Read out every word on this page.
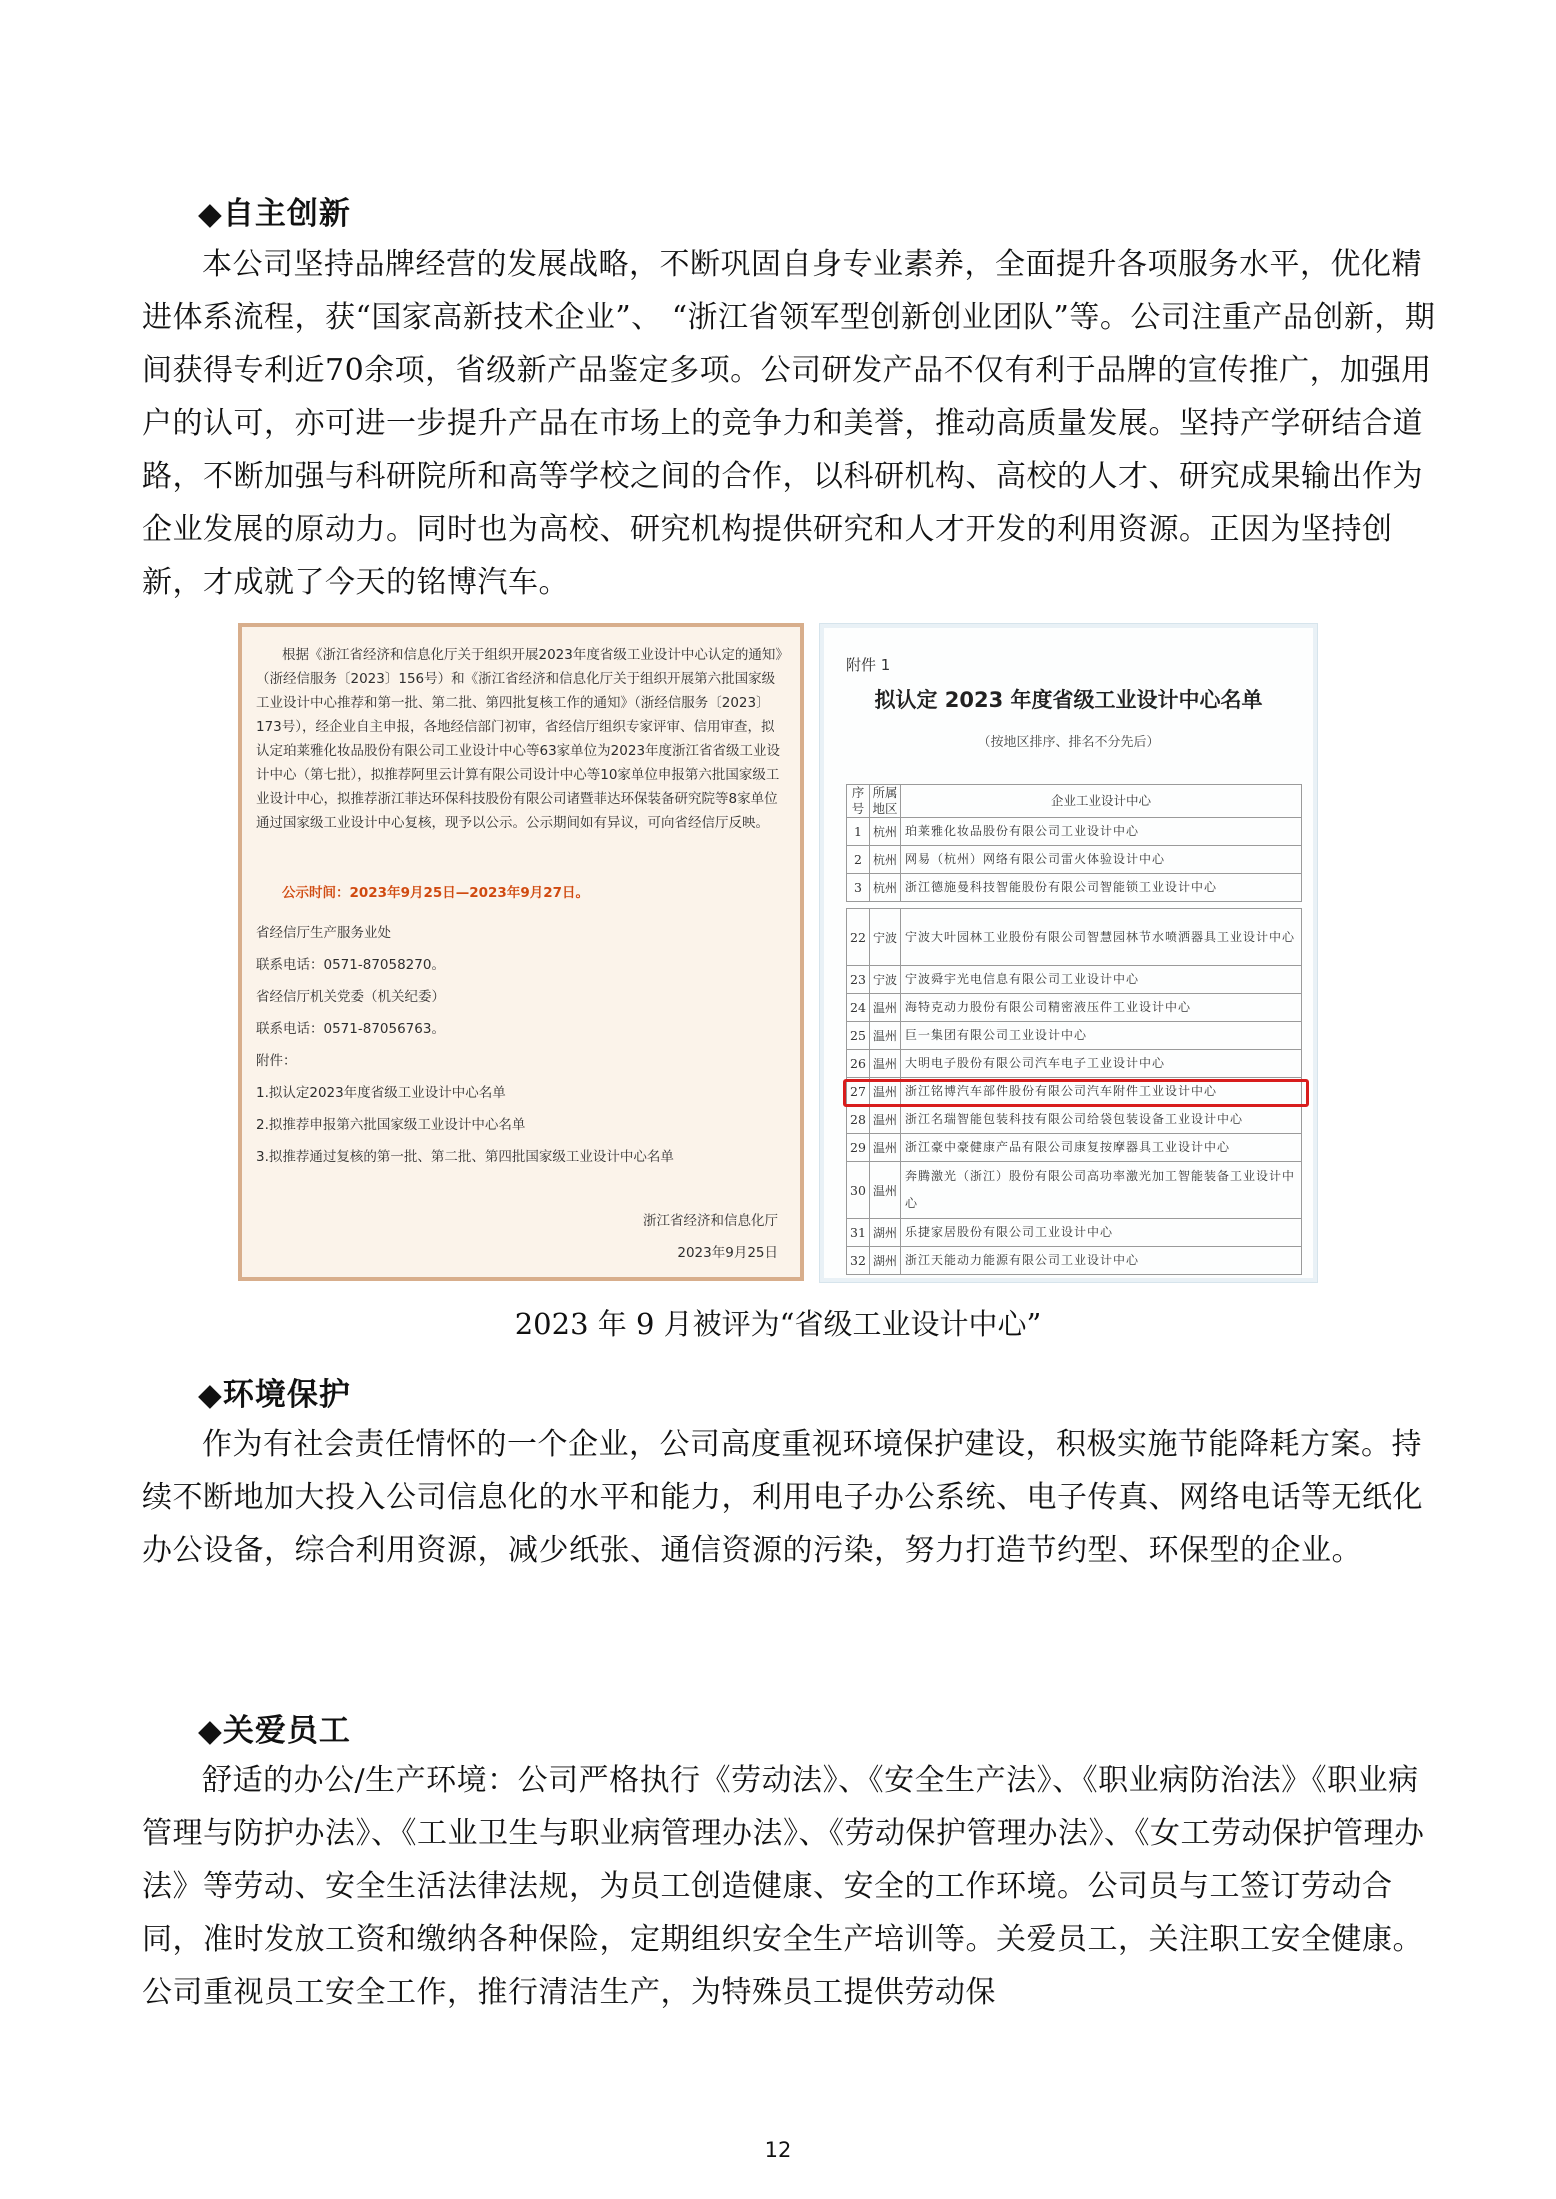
◆自主创新

本公司坚持品牌经营的发展战略，不断巩固自身专业素养，全面提升各项服务水平，优化精进体系流程，获“国家高新技术企业”、 “浙江省领军型创新创业团队”等。公司注重产品创新，期间获得专利近70余项，省级新产品鉴定多项。公司研发产品不仅有利于品牌的宣传推广，加强用户的认可，亦可进一步提升产品在市场上的竞争力和美誉，推动高质量发展。坚持产学研结合道路，不断加强与科研院所和高等学校之间的合作，以科研机构、高校的人才、研究成果输出作为企业发展的原动力。同时也为高校、研究机构提供研究和人才开发的利用资源。正因为坚持创新，才成就了今天的铭博汽车。

根据《浙江省经济和信息化厅关于组织开展2023年度省级工业设计中心认定的通知》（浙经信服务〔2023〕156号）和《浙江省经济和信息化厅关于组织开展第六批国家级工业设计中心推荐和第一批、第二批、第四批复核工作的通知》（浙经信服务〔2023〕173号），经企业自主申报，各地经信部门初审，省经信厅组织专家评审、信用审查，拟认定珀莱雅化妆品股份有限公司工业设计中心等63家单位为2023年度浙江省省级工业设计中心（第七批），拟推荐阿里云计算有限公司设计中心等10家单位申报第六批国家级工业设计中心，拟推荐浙江菲达环保科技股份有限公司诸暨菲达环保装备研究院等8家单位通过国家级工业设计中心复核，现予以公示。公示期间如有异议，可向省经信厅反映。

公示时间：2023年9月25日—2023年9月27日。

省经信厅生产服务业处

联系电话：0571-87058270。

省经信厅机关党委（机关纪委）

联系电话：0571-87056763。

附件：

1.拟认定2023年度省级工业设计中心名单

2.拟推荐申报第六批国家级工业设计中心名单

3.拟推荐通过复核的第一批、第二批、第四批国家级工业设计中心名单

浙江省经济和信息化厅

2023年9月25日

附件 1

拟认定 2023 年度省级工业设计中心名单

（按地区排序、排名不分先后）

序号	所属地区	企业工业设计中心
1	杭州	珀莱雅化妆品股份有限公司工业设计中心
2	杭州	网易（杭州）网络有限公司雷火体验设计中心
3	杭州	浙江德施曼科技智能股份有限公司智能锁工业设计中心

22	宁波	宁波大叶园林工业股份有限公司智慧园林节水喷洒器具工业设计中心
23	宁波	宁波舜宇光电信息有限公司工业设计中心
24	温州	海特克动力股份有限公司精密液压件工业设计中心
25	温州	巨一集团有限公司工业设计中心
26	温州	大明电子股份有限公司汽车电子工业设计中心
27	温州	浙江铭博汽车部件股份有限公司汽车附件工业设计中心
28	温州	浙江名瑞智能包装科技有限公司给袋包装设备工业设计中心
29	温州	浙江豪中豪健康产品有限公司康复按摩器具工业设计中心
30	温州	奔腾激光（浙江）股份有限公司高功率激光加工智能装备工业设计中心
31	湖州	乐捷家居股份有限公司工业设计中心
32	湖州	浙江天能动力能源有限公司工业设计中心

2023 年 9 月被评为“省级工业设计中心”

◆环境保护

作为有社会责任情怀的一个企业，公司高度重视环境保护建设，积极实施节能降耗方案。持续不断地加大投入公司信息化的水平和能力，利用电子办公系统、电子传真、网络电话等无纸化办公设备，综合利用资源，减少纸张、通信资源的污染，努力打造节约型、环保型的企业。

◆关爱员工

舒适的办公/生产环境：公司严格执行《劳动法》、《安全生产法》、《职业病防治法》《职业病管理与防护办法》、《工业卫生与职业病管理办法》、《劳动保护管理办法》、《女工劳动保护管理办法》等劳动、安全生活法律法规，为员工创造健康、安全的工作环境。公司员与工签订劳动合同，准时发放工资和缴纳各种保险，定期组织安全生产培训等。关爱员工，关注职工安全健康。公司重视员工安全工作，推行清洁生产，为特殊员工提供劳动保

12
